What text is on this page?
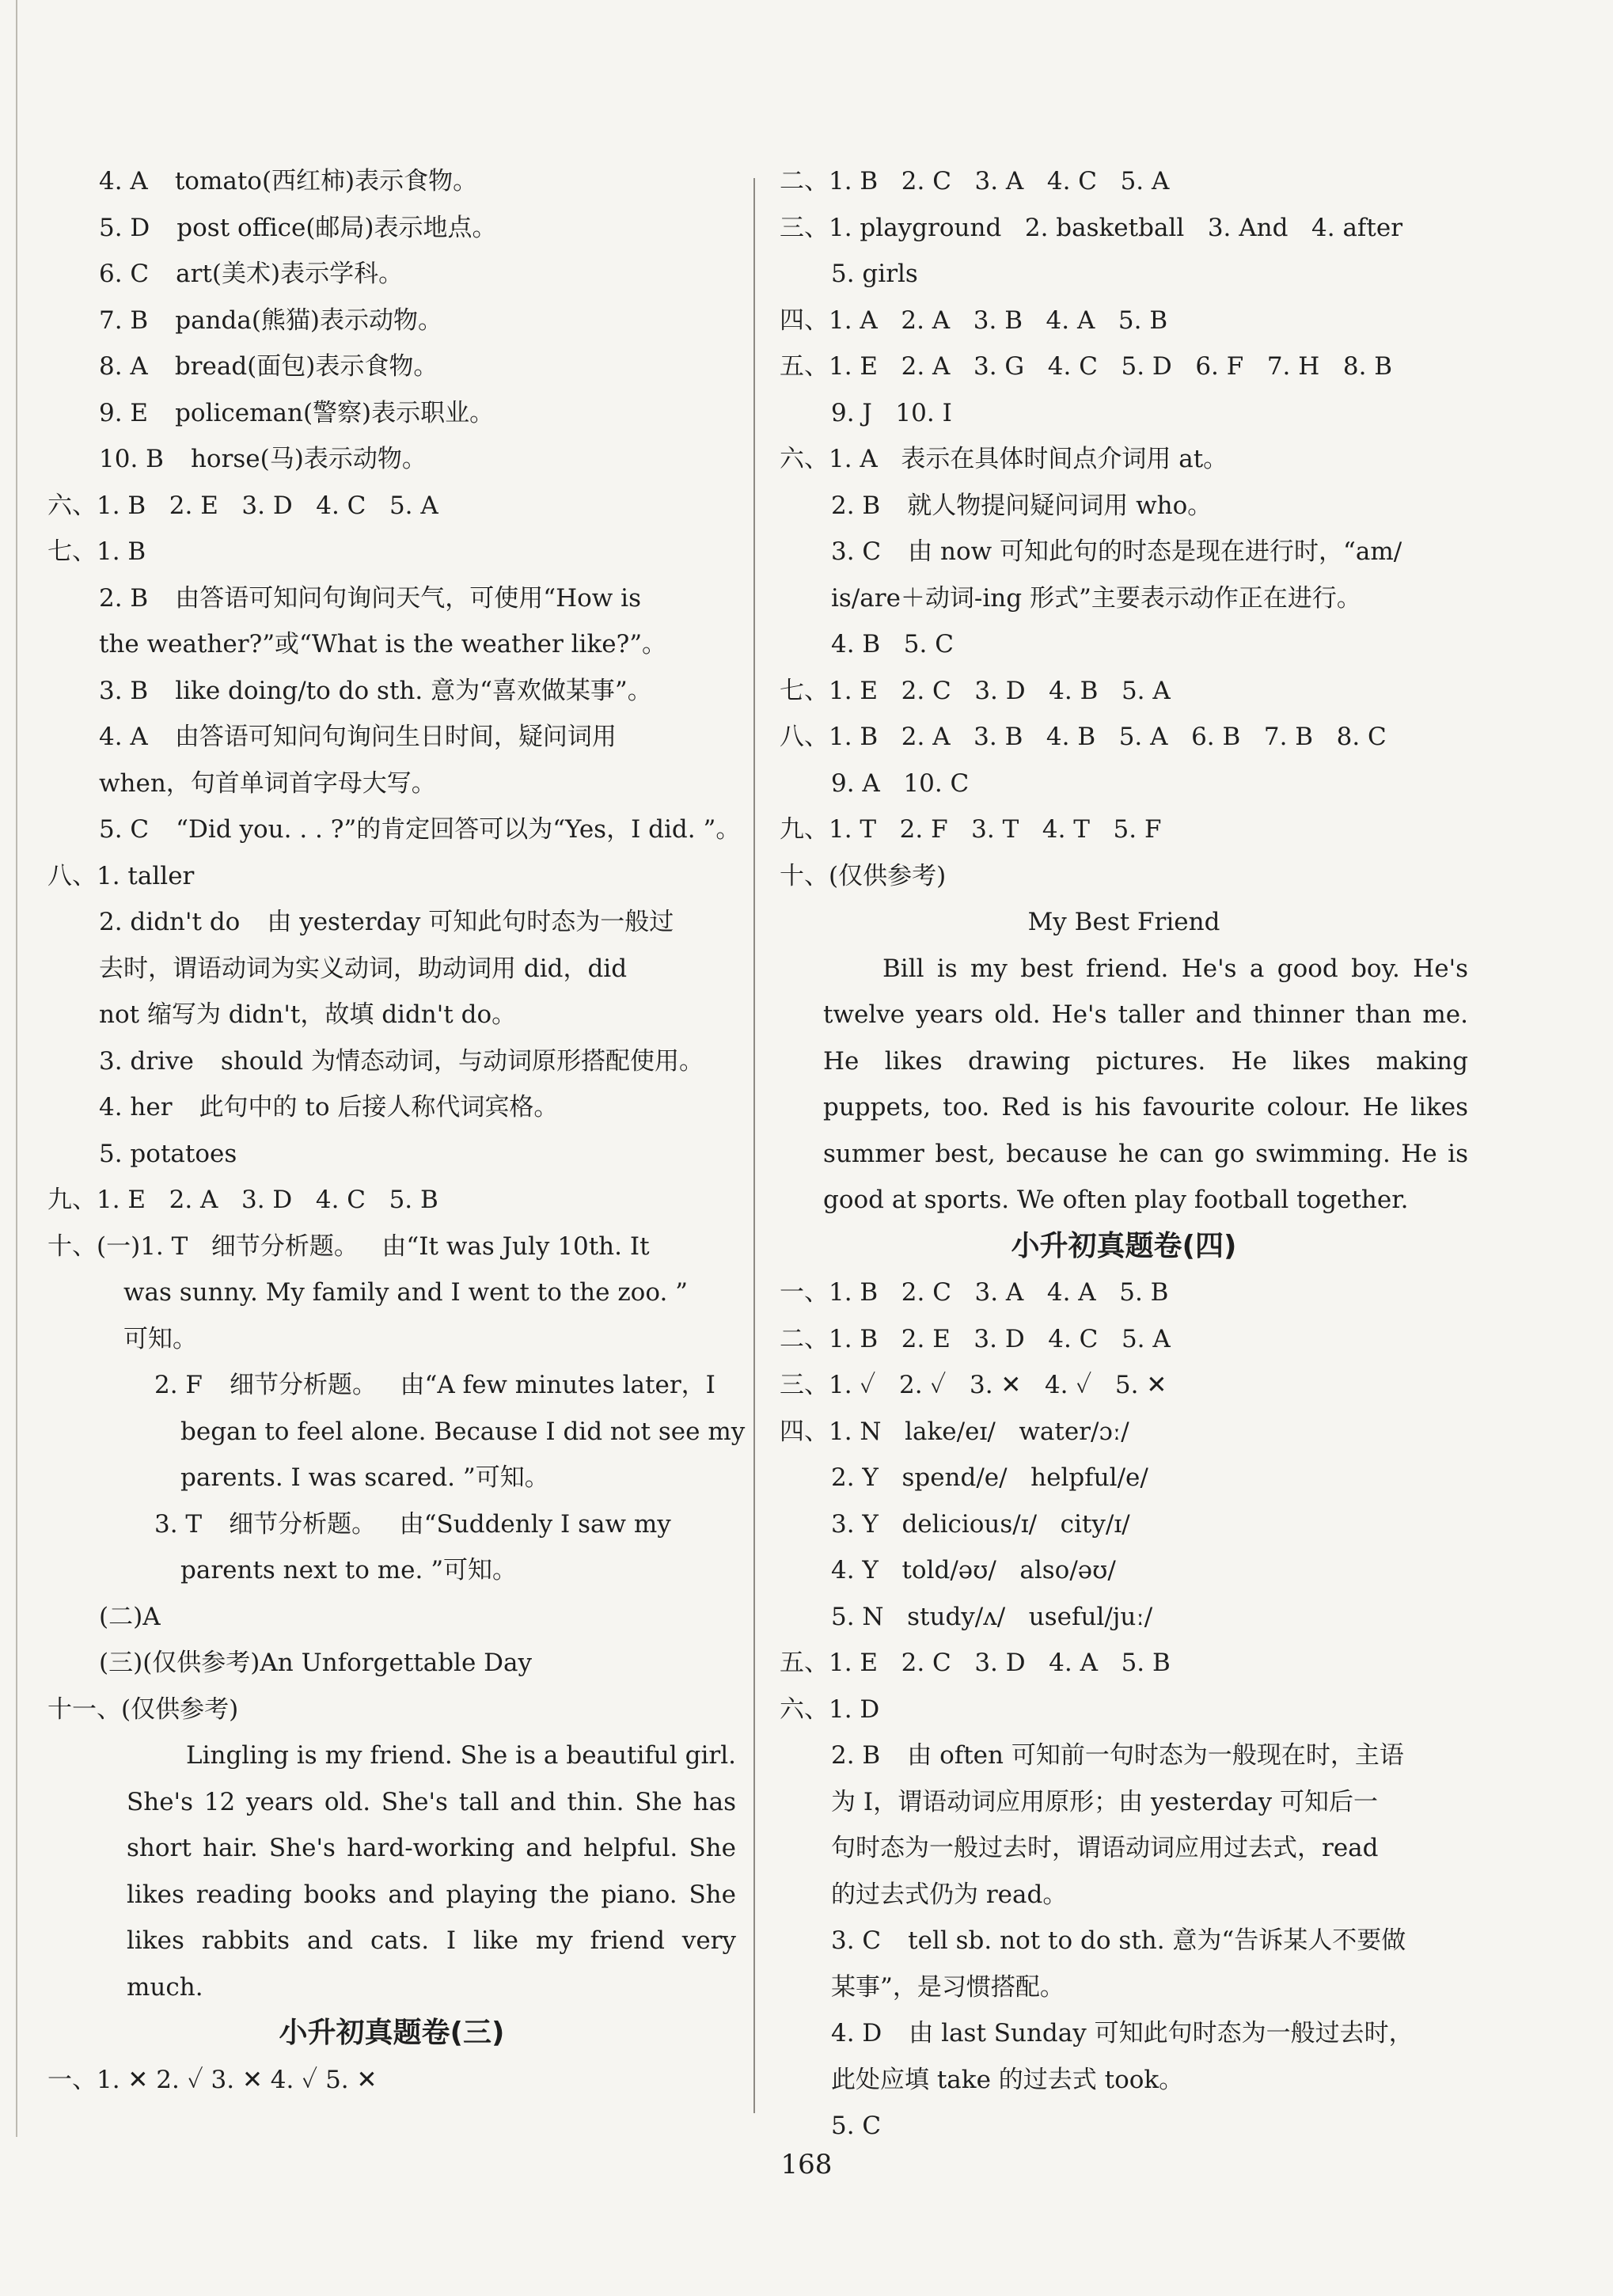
4. A tomato(西红柿)表示食物。
5. D post office(邮局)表示地点。
6. C art(美术)表示学科。
7. B panda(熊猫)表示动物。
8. A bread(面包)表示食物。
9. E policeman(警察)表示职业。
10. B horse(马)表示动物。
六、1. B   2. E   3. D   4. C   5. A
七、1. B
2. B 由答语可知问句询问天气，可使用“How is
the weather?”或“What is the weather like?”。
3. B like doing/to do sth. 意为“喜欢做某事”。
4. A 由答语可知问句询问生日时间，疑问词用
when，句首单词首字母大写。
5. C “Did you. . . ?”的肯定回答可以为“Yes，I did. ”。
八、1. taller
2. didn't do 由 yesterday 可知此句时态为一般过
去时，谓语动词为实义动词，助动词用 did，did
not 缩写为 didn't，故填 didn't do。
3. drive should 为情态动词，与动词原形搭配使用。
4. her 此句中的 to 后接人称代词宾格。
5. potatoes
九、1. E   2. A   3. D   4. C   5. B
十、(一)1. T   细节分析题。   由“It was July 10th. It
was sunny. My family and I went to the zoo. ”
可知。
2. F 细节分析题。   由“A few minutes later，I
began to feel alone. Because I did not see my
parents. I was scared. ”可知。
3. T 细节分析题。   由“Suddenly I saw my
parents next to me. ”可知。
(二)A
(三)(仅供参考)An Unforgettable Day
十一、(仅供参考)
Lingling is my friend. She is a beautiful girl. She's 12 years old. She's tall and thin. She has short hair. She's hard-working and helpful. She likes reading books and playing the piano. She likes rabbits and cats. I like my friend very much.
小升初真题卷(三)
一、1. ✕ 2. ✓ 3. ✕ 4. ✓ 5. ✕
二、1. B   2. C   3. A   4. C   5. A
三、1. playground   2. basketball   3. And   4. after
5. girls
四、1. A   2. A   3. B   4. A   5. B
五、1. E   2. A   3. G   4. C   5. D   6. F   7. H   8. B
9. J   10. I
六、1. A   表示在具体时间点介词用 at。
2. B 就人物提问疑问词用 who。
3. C 由 now 可知此句的时态是现在进行时，“am/
is/are＋动词-ing 形式”主要表示动作正在进行。
4. B   5. C
七、1. E   2. C   3. D   4. B   5. A
八、1. B   2. A   3. B   4. B   5. A   6. B   7. B   8. C
9. A   10. C
九、1. T   2. F   3. T   4. T   5. F
十、(仅供参考)
My Best Friend
Bill is my best friend. He's a good boy. He's twelve years old. He's taller and thinner than me. He likes drawing pictures. He likes making puppets, too. Red is his favourite colour. He likes summer best, because he can go swimming. He is good at sports. We often play football together.
小升初真题卷(四)
一、1. B   2. C   3. A   4. A   5. B
二、1. B   2. E   3. D   4. C   5. A
三、1. ✓   2. ✓   3. ✕   4. ✓   5. ✕
四、1. N   lake/eɪ/   water/ɔː/
2. Y   spend/e/   helpful/e/
3. Y   delicious/ɪ/   city/ɪ/
4. Y   told/əʊ/   also/əʊ/
5. N   study/ʌ/   useful/juː/
五、1. E   2. C   3. D   4. A   5. B
六、1. D
2. B 由 often 可知前一句时态为一般现在时，主语
为 I，谓语动词应用原形；由 yesterday 可知后一
句时态为一般过去时，谓语动词应用过去式，read
的过去式仍为 read。
3. C tell sb. not to do sth. 意为“告诉某人不要做
某事”，是习惯搭配。
4. D 由 last Sunday 可知此句时态为一般过去时，
此处应填 take 的过去式 took。
5. C
168
